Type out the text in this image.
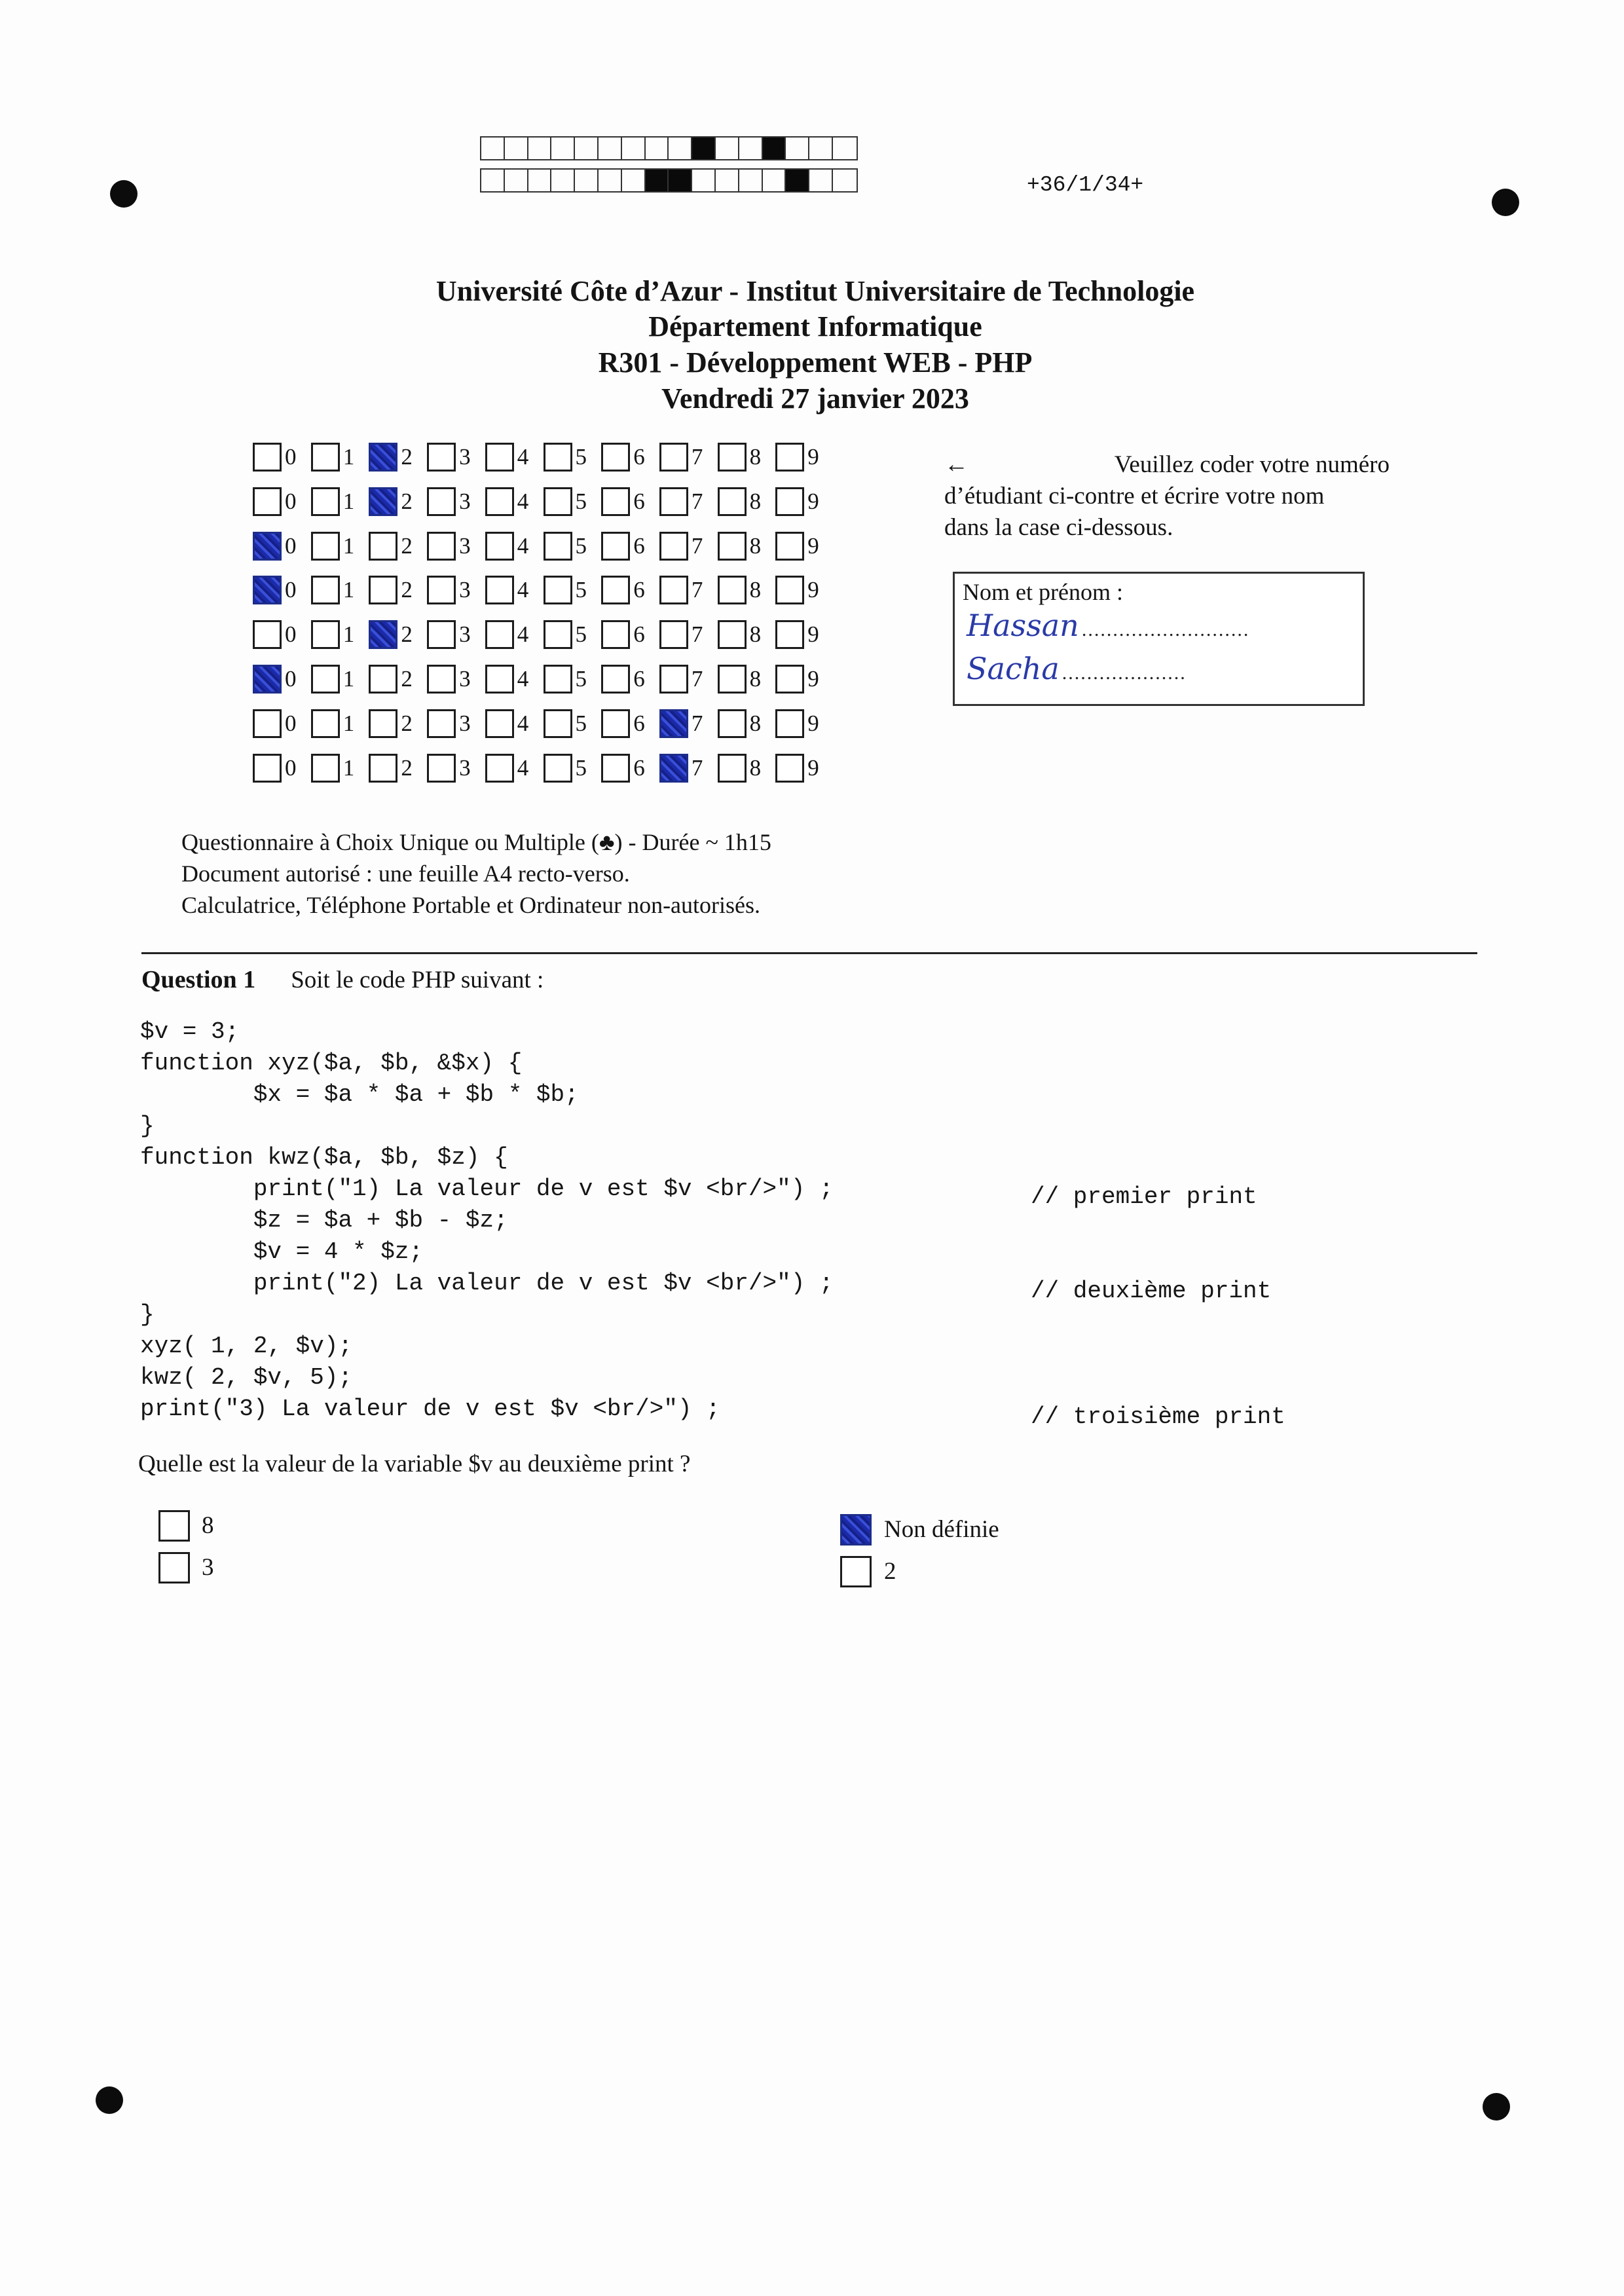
+36/1/34+
Université Côte d’Azur - Institut Universitaire de Technologie
Département Informatique
R301 - Développement WEB - PHP
Vendredi 27 janvier 2023
0 1 2 3 4 5 6 7 8 9
0 1 2 3 4 5 6 7 8 9
0 1 2 3 4 5 6 7 8 9
0 1 2 3 4 5 6 7 8 9
0 1 2 3 4 5 6 7 8 9
0 1 2 3 4 5 6 7 8 9
0 1 2 3 4 5 6 7 8 9
0 1 2 3 4 5 6 7 8 9
←	Veuillez coder votre numéro
d’étudiant ci-contre et écrire votre nom
dans la case ci-dessous.
Nom et prénom :
Hassan ...........................
Sacha ....................
Questionnaire à Choix Unique ou Multiple (♣) - Durée ~ 1h15
Document autorisé : une feuille A4 recto-verso.
Calculatrice, Téléphone Portable et Ordinateur non-autorisés.
Question 1 Soit le code PHP suivant :
$v = 3;
function xyz($a, $b, &$x) {
$x = $a * $a + $b * $b;
}
function kwz($a, $b, $z) {
print("1) La valeur de v est $v <br/>") ;
$z = $a + $b - $z;
$v = 4 * $z;
print("2) La valeur de v est $v <br/>") ;
}
xyz( 1, 2, $v);
kwz( 2, $v, 5);
print("3) La valeur de v est $v <br/>") ;
// premier print
// deuxième print
// troisième print
Quelle est la valeur de la variable $v au deuxième print ?
8
3
Non définie
2
